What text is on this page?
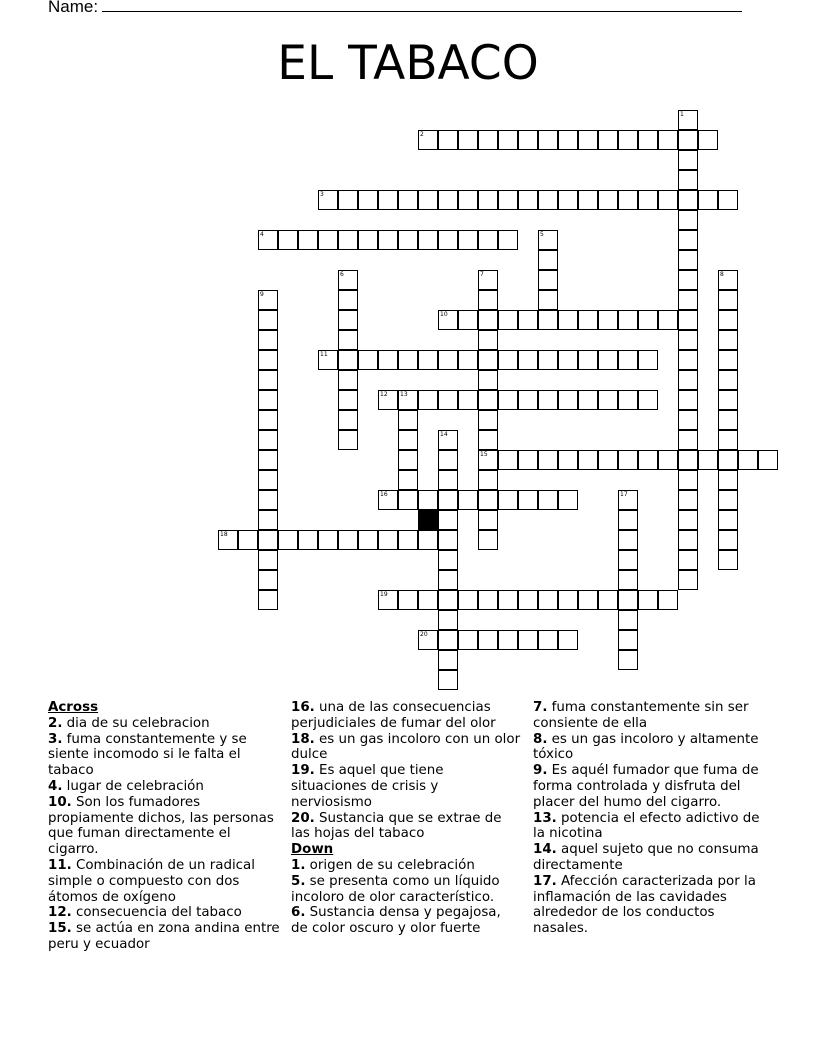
Name:
EL TABACO
1
2
3
4	5
6	7
15
8
9
10
11
12 13
14
16	17
18
19
20
Across
2. dia de su celebracion
3. fuma constantemente y se siente incomodo si le falta el tabaco
4. lugar de celebración
10. Son los fumadores propiamente dichos, las personas que fuman directamente el cigarro.
11. Combinación de un radical simple o compuesto con dos átomos de oxígeno
12. consecuencia del tabaco
15. se actúa en zona andina entre peru y ecuador
16. una de las consecuencias perjudiciales de fumar del olor
18. es un gas incoloro con un olor dulce
19. Es aquel que tiene situaciones de crisis y nerviosismo
20. Sustancia que se extrae de las hojas del tabaco
Down
1. origen de su celebración
5. se presenta como un líquido incoloro de olor característico.
6. Sustancia densa y pegajosa, de color oscuro y olor fuerte
7. fuma constantemente sin ser consiente de ella
8. es un gas incoloro y altamente tóxico
9. Es aquél fumador que fuma de forma controlada y disfruta del placer del humo del cigarro.
13. potencia el efecto adictivo de la nicotina
14. aquel sujeto que no consuma directamente
17. Afección caracterizada por la inflamación de las cavidades alrededor de los conductos nasales.
